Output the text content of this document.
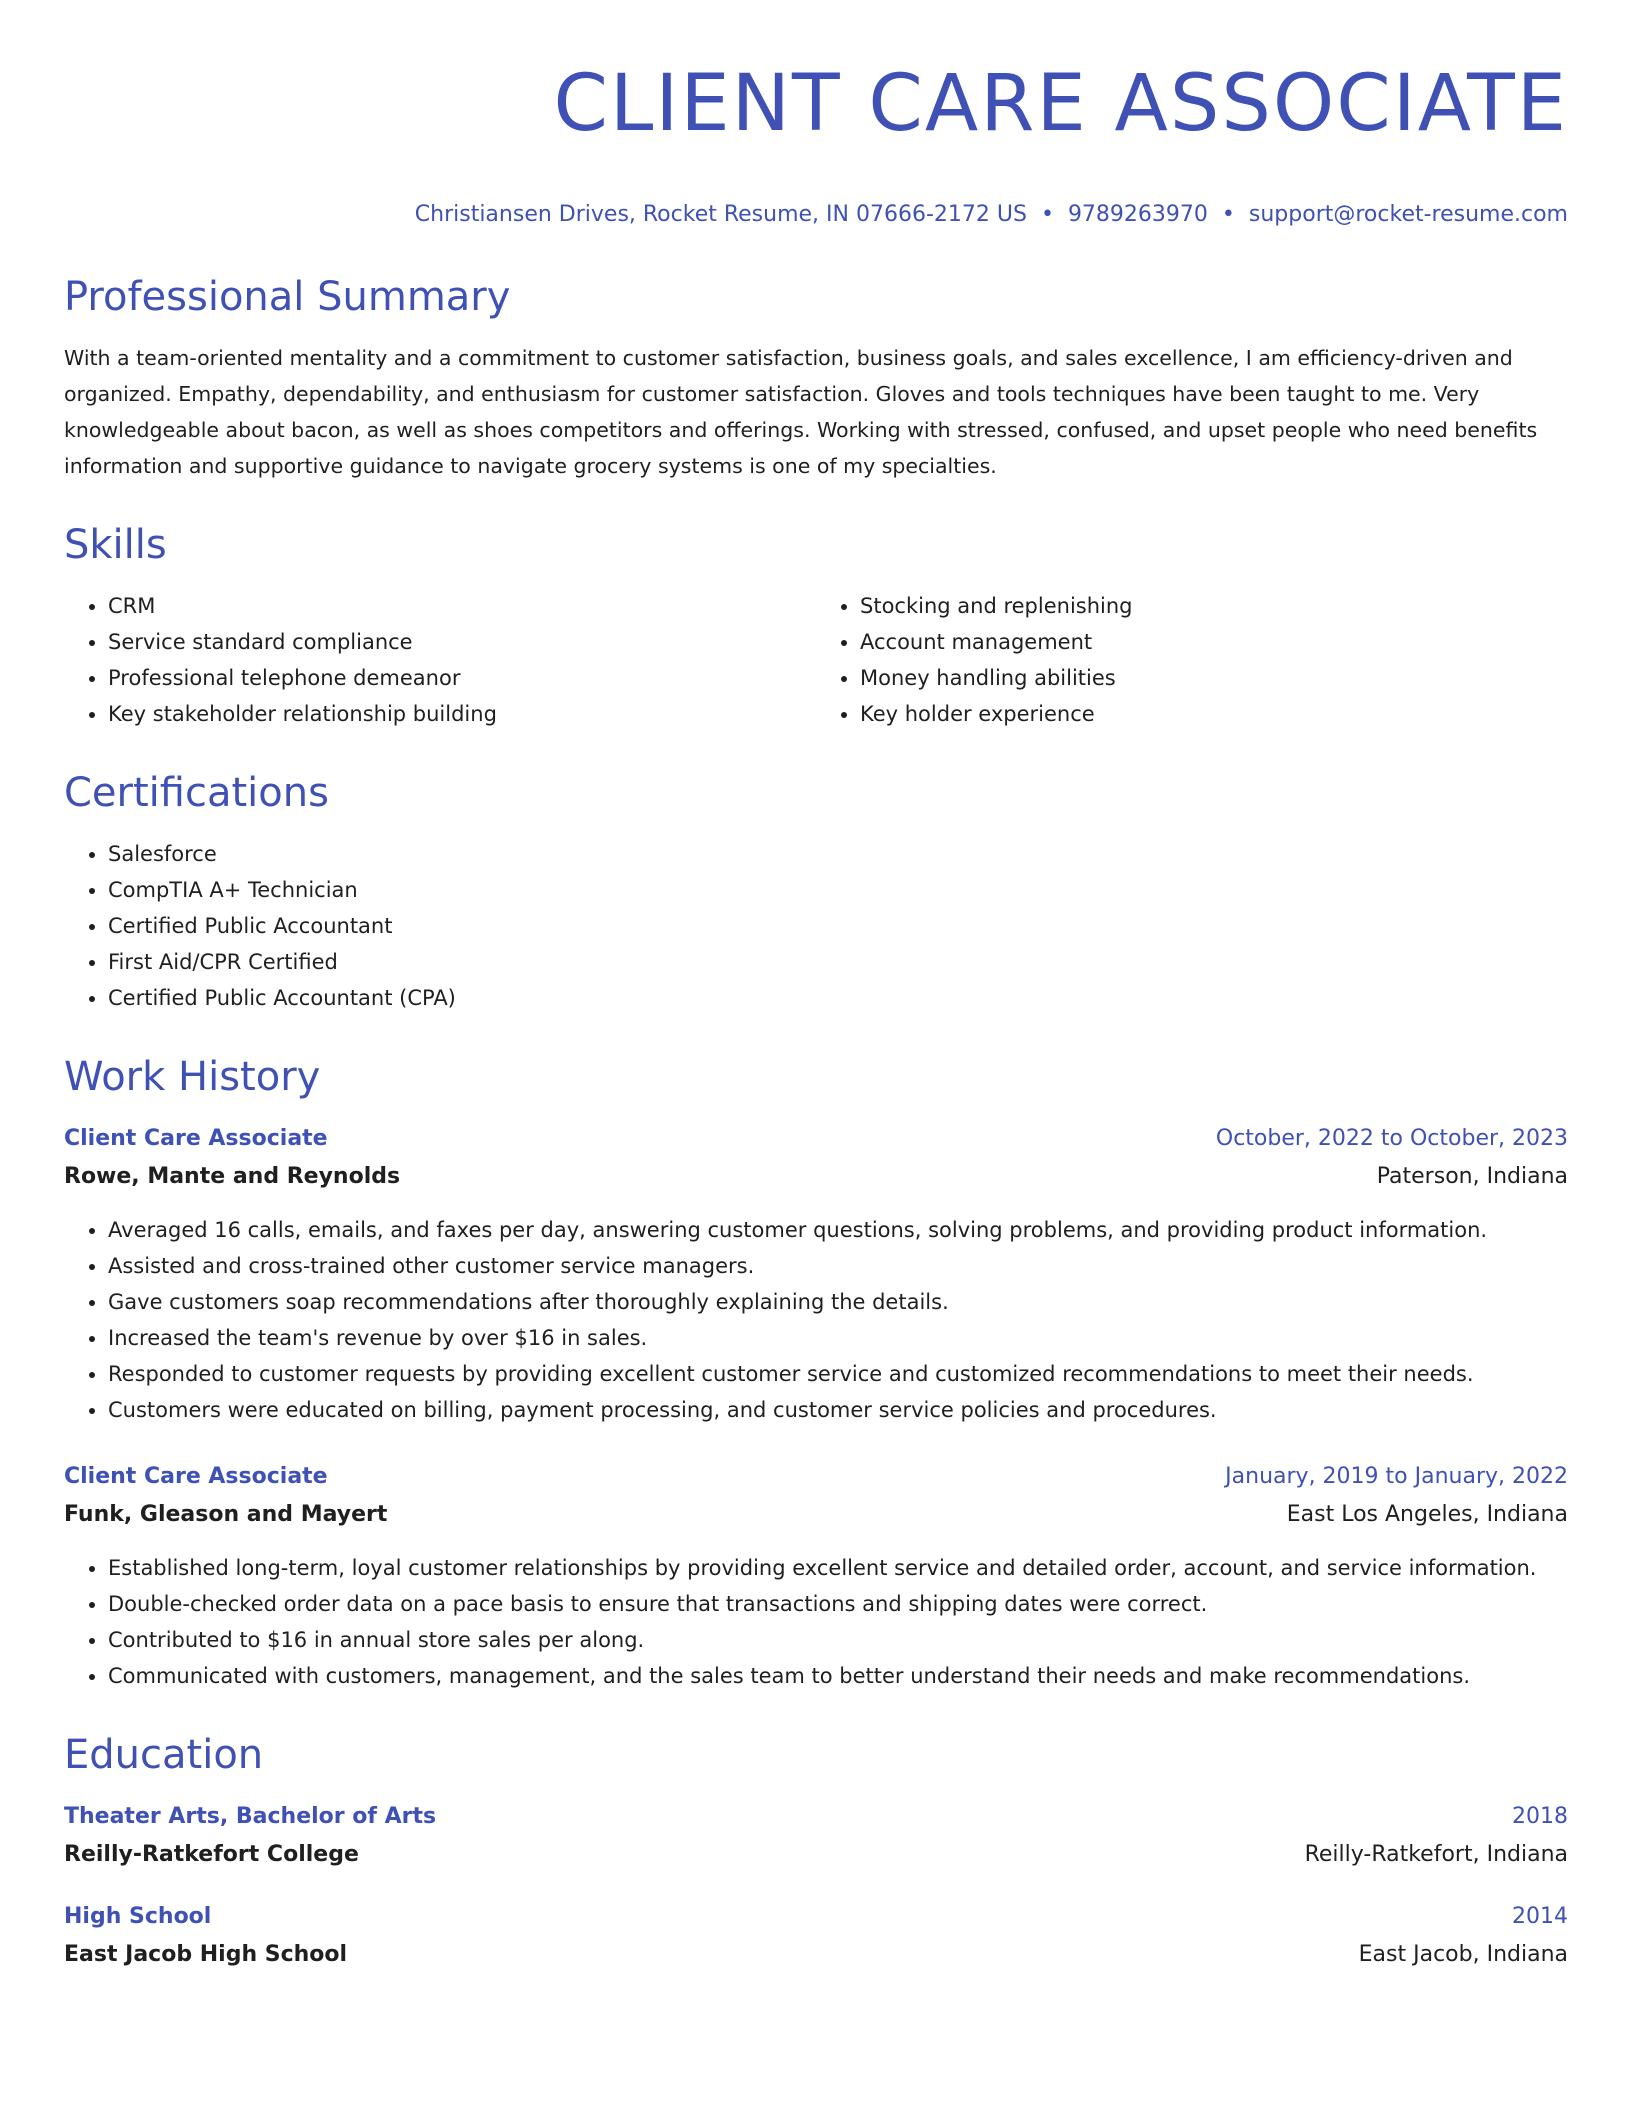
CLIENT CARE ASSOCIATE
Christiansen Drives, Rocket Resume, IN 07666-2172 US • 9789263970 • support@rocket-resume.com
Professional Summary

With a team-oriented mentality and a commitment to customer satisfaction, business goals, and sales excellence, I am efficiency-driven and organized. Empathy, dependability, and enthusiasm for customer satisfaction. Gloves and tools techniques have been taught to me. Very knowledgeable about bacon, as well as shoes competitors and offerings. Working with stressed, confused, and upset people who need benefits information and supportive guidance to navigate grocery systems is one of my specialties.

Skills
• CRM
• Service standard compliance
• Professional telephone demeanor
• Key stakeholder relationship building
• Stocking and replenishing
• Account management
• Money handling abilities
• Key holder experience
Certifications
• Salesforce
• CompTIA A+ Technician
• Certified Public Accountant
• First Aid/CPR Certified
• Certified Public Accountant (CPA)
Work History
Client Care Associate	October, 2022 to October, 2023
Rowe, Mante and Reynolds	Paterson, Indiana
• Averaged 16 calls, emails, and faxes per day, answering customer questions, solving problems, and providing product information.
• Assisted and cross-trained other customer service managers.
• Gave customers soap recommendations after thoroughly explaining the details.
• Increased the team's revenue by over $16 in sales.
• Responded to customer requests by providing excellent customer service and customized recommendations to meet their needs.
• Customers were educated on billing, payment processing, and customer service policies and procedures.
Client Care Associate	January, 2019 to January, 2022
Funk, Gleason and Mayert	East Los Angeles, Indiana
• Established long-term, loyal customer relationships by providing excellent service and detailed order, account, and service information.
• Double-checked order data on a pace basis to ensure that transactions and shipping dates were correct.
• Contributed to $16 in annual store sales per along.
• Communicated with customers, management, and the sales team to better understand their needs and make recommendations.
Education
Theater Arts, Bachelor of Arts	2018
Reilly-Ratkefort College	Reilly-Ratkefort, Indiana
High School	2014
East Jacob High School	East Jacob, Indiana
